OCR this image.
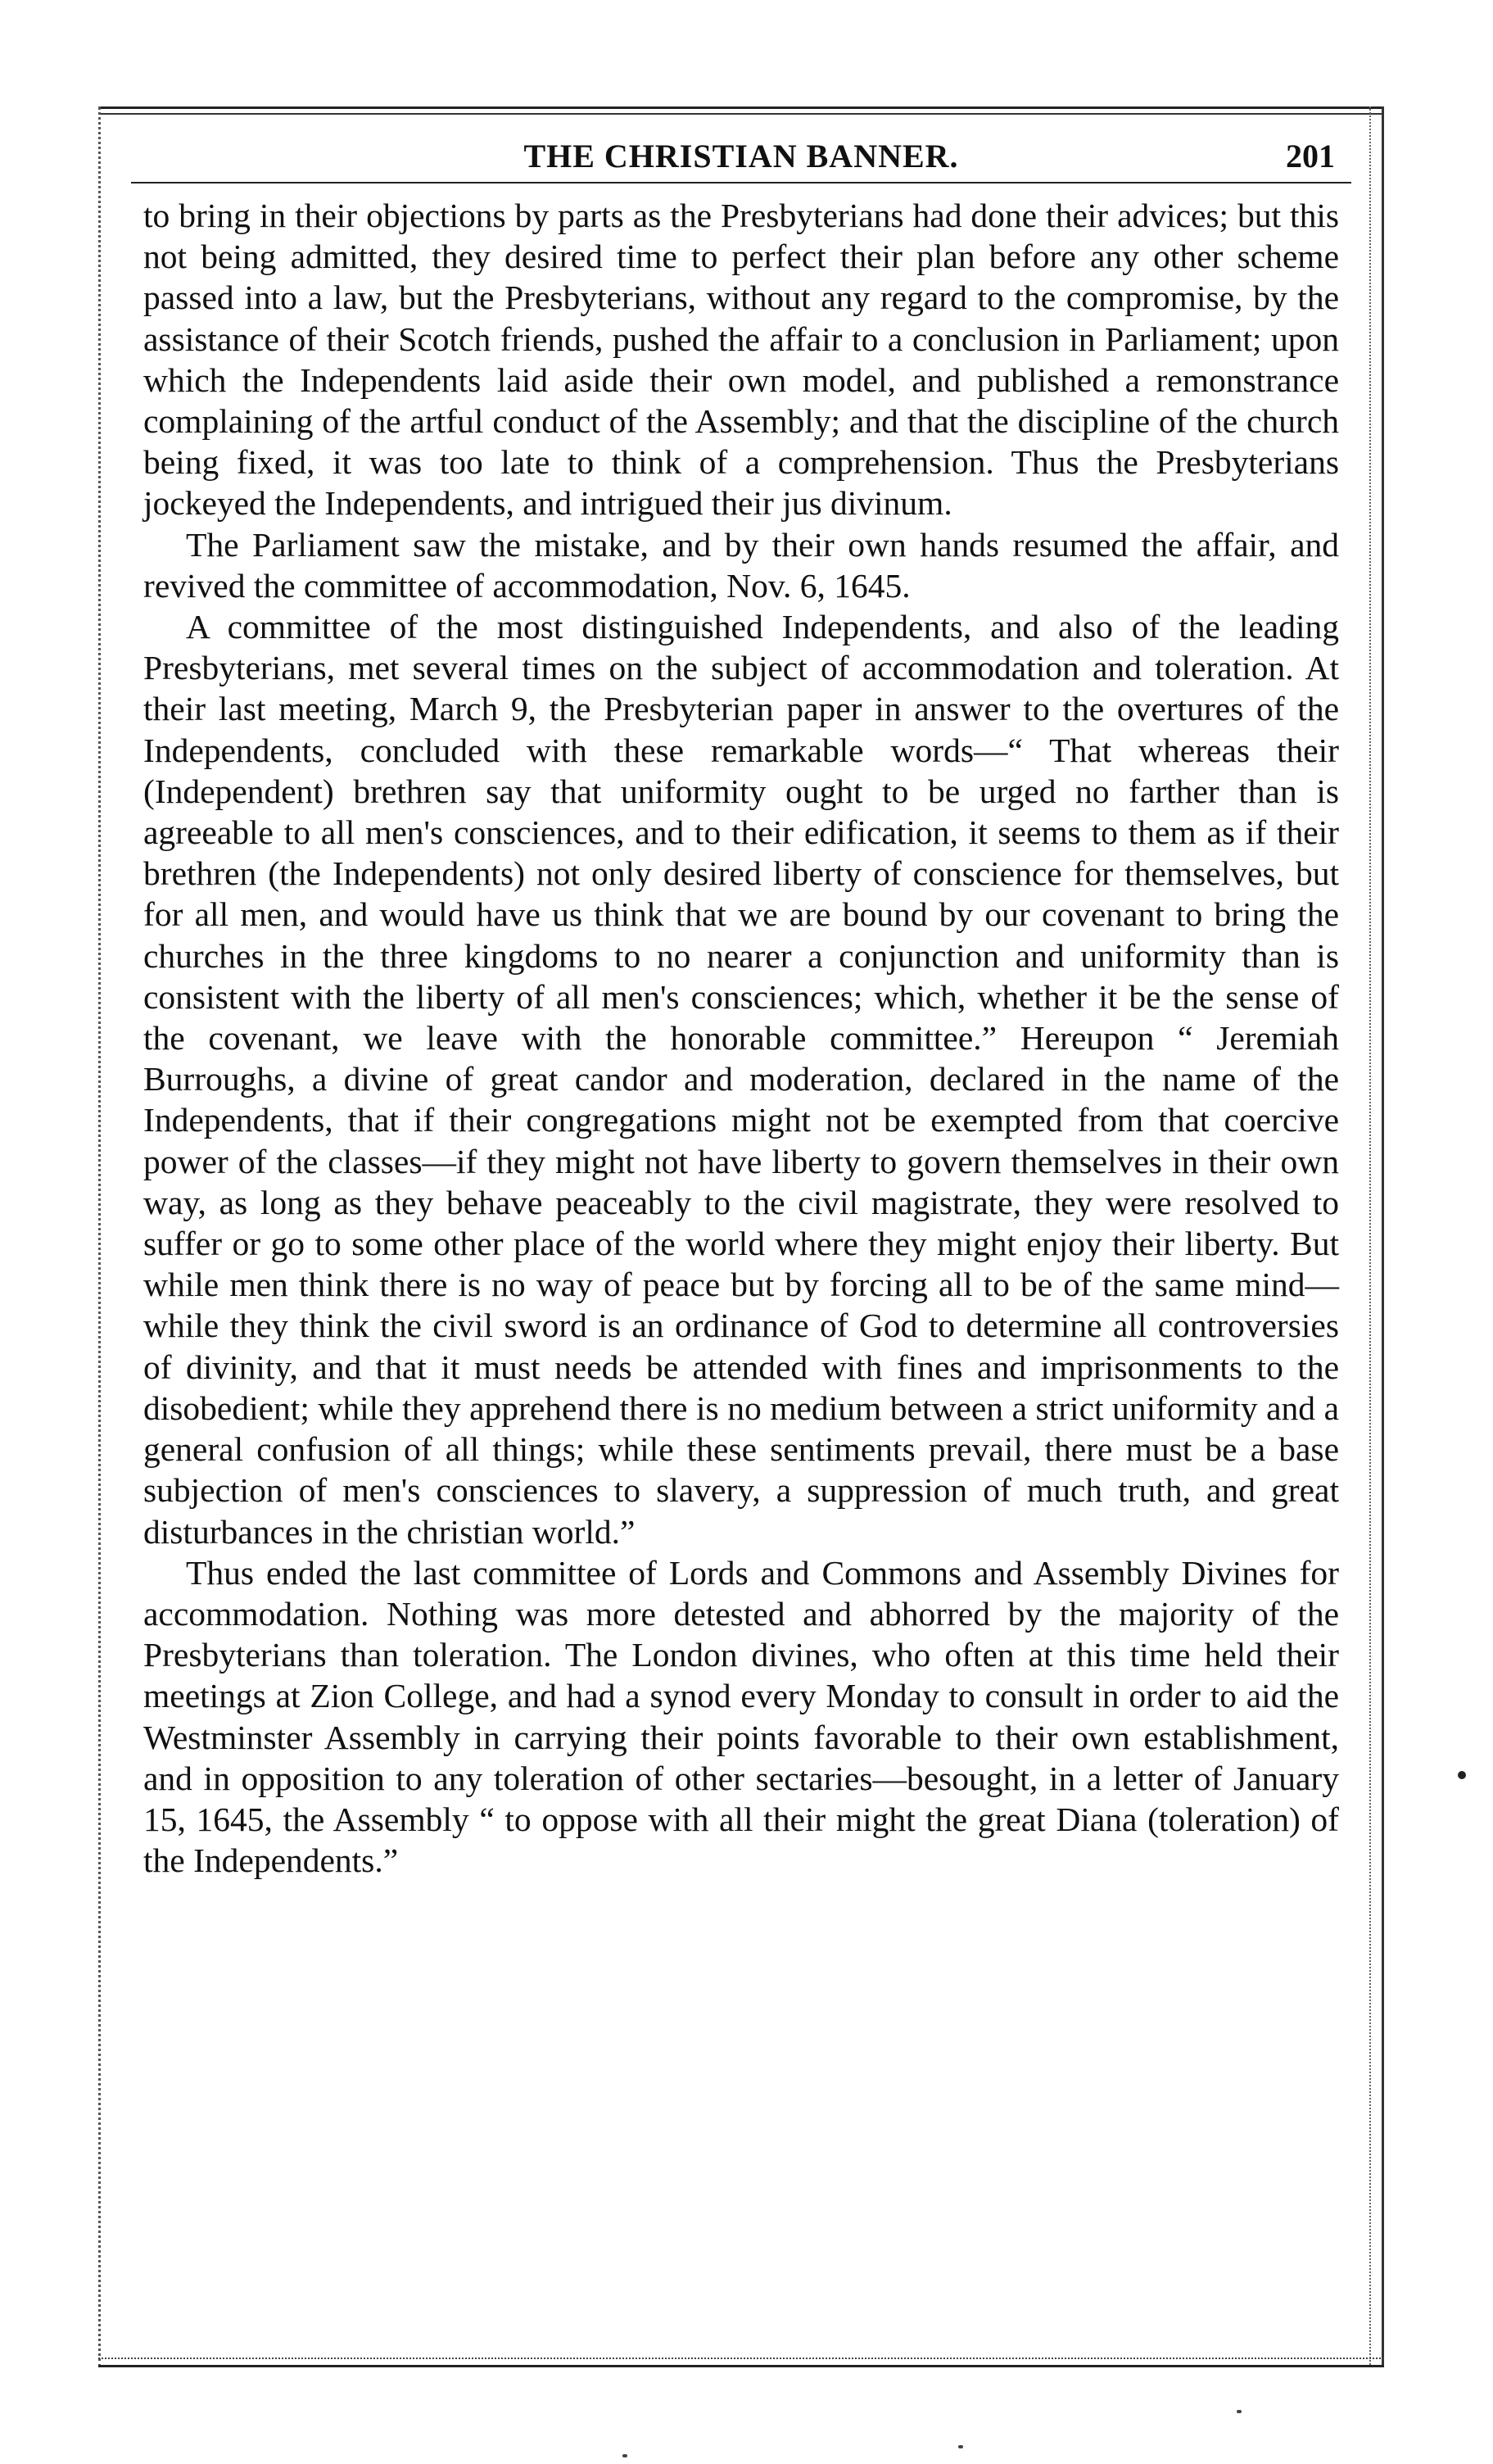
THE CHRISTIAN BANNER.	201

to bring in their objections by parts as the Presbyterians had done their advices; but this not being admitted, they desired time to perfect their plan before any other scheme passed into a law, but the Presbyterians, without any regard to the compromise, by the assistance of their Scotch friends, pushed the affair to a conclusion in Parliament; upon which the Independents laid aside their own model, and published a remonstrance complaining of the artful conduct of the Assembly; and that the discipline of the church being fixed, it was too late to think of a comprehension. Thus the Presbyterians jockeyed the Independents, and intrigued their jus divinum.

The Parliament saw the mistake, and by their own hands resumed the affair, and revived the committee of accommodation, Nov. 6, 1645.

A committee of the most distinguished Independents, and also of the leading Presbyterians, met several times on the subject of accommodation and toleration. At their last meeting, March 9, the Presbyterian paper in answer to the overtures of the Independents, concluded with these remarkable words—“ That whereas their (Independent) brethren say that uniformity ought to be urged no farther than is agreeable to all men's consciences, and to their edification, it seems to them as if their brethren (the Independents) not only desired liberty of conscience for themselves, but for all men, and would have us think that we are bound by our covenant to bring the churches in the three kingdoms to no nearer a conjunction and uniformity than is consistent with the liberty of all men's consciences; which, whether it be the sense of the covenant, we leave with the honorable committee.” Hereupon “ Jeremiah Burroughs, a divine of great candor and moderation, declared in the name of the Independents, that if their congregations might not be exempted from that coercive power of the classes—if they might not have liberty to govern themselves in their own way, as long as they behave peaceably to the civil magistrate, they were resolved to suffer or go to some other place of the world where they might enjoy their liberty. But while men think there is no way of peace but by forcing all to be of the same mind—while they think the civil sword is an ordinance of God to determine all controversies of divinity, and that it must needs be attended with fines and imprisonments to the disobedient; while they apprehend there is no medium between a strict uniformity and a general confusion of all things; while these sentiments prevail, there must be a base subjection of men's consciences to slavery, a suppression of much truth, and great disturbances in the christian world.”

Thus ended the last committee of Lords and Commons and Assembly Divines for accommodation. Nothing was more detested and abhorred by the majority of the Presbyterians than toleration. The London divines, who often at this time held their meetings at Zion College, and had a synod every Monday to consult in order to aid the Westminster Assembly in carrying their points favorable to their own establishment, and in opposition to any toleration of other sectaries—besought, in a letter of January 15, 1645, the Assembly “ to oppose with all their might the great Diana (toleration) of the Independents.”
